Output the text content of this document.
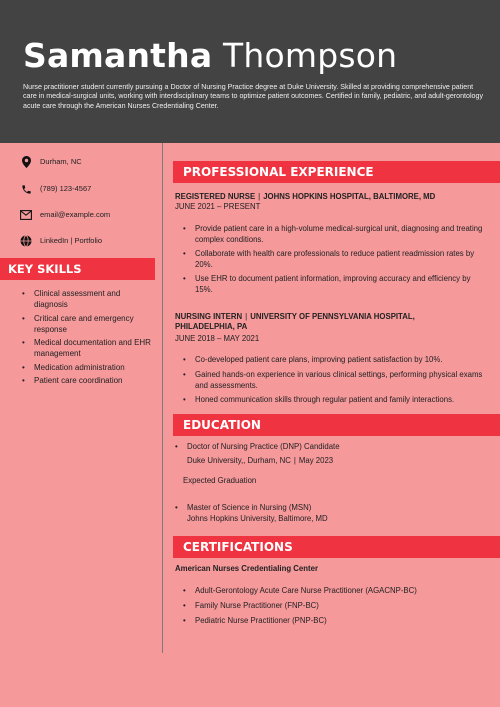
Samantha Thompson
Nurse practitioner student currently pursuing a Doctor of Nursing Practice degree at Duke University. Skilled at providing comprehensive patient care in medical-surgical units, working with interdisciplinary teams to optimize patient outcomes. Certified in family, pediatric, and adult-gerontology acute care through the American Nurses Credentialing Center.
Durham, NC
(789) 123-4567
email@example.com
LinkedIn | Portfolio
KEY SKILLS
• Clinical assessment and diagnosis
• Critical care and emergency response
• Medical documentation and EHR management
• Medication administration
• Patient care coordination
PROFESSIONAL EXPERIENCE
REGISTERED NURSE | JOHNS HOPKINS HOSPITAL, BALTIMORE, MD
JUNE 2021 – PRESENT
• Provide patient care in a high-volume medical-surgical unit, diagnosing and treating complex conditions.
• Collaborate with health care professionals to reduce patient readmission rates by 20%.
• Use EHR to document patient information, improving accuracy and efficiency by 15%.
NURSING INTERN | UNIVERSITY OF PENNSYLVANIA HOSPITAL,
PHILADELPHIA, PA
JUNE 2018 – MAY 2021
• Co-developed patient care plans, improving patient satisfaction by 10%.
• Gained hands-on experience in various clinical settings, performing physical exams and assessments.
• Honed communication skills through regular patient and family interactions.
EDUCATION
• Doctor of Nursing Practice (DNP) Candidate
Duke University,, Durham, NC | May 2023
Expected Graduation
• Master of Science in Nursing (MSN)
Johns Hopkins University, Baltimore, MD
CERTIFICATIONS
American Nurses Credentialing Center
• Adult-Gerontology Acute Care Nurse Practitioner (AGACNP-BC)
• Family Nurse Practitioner (FNP-BC)
• Pediatric Nurse Practitioner (PNP-BC)
